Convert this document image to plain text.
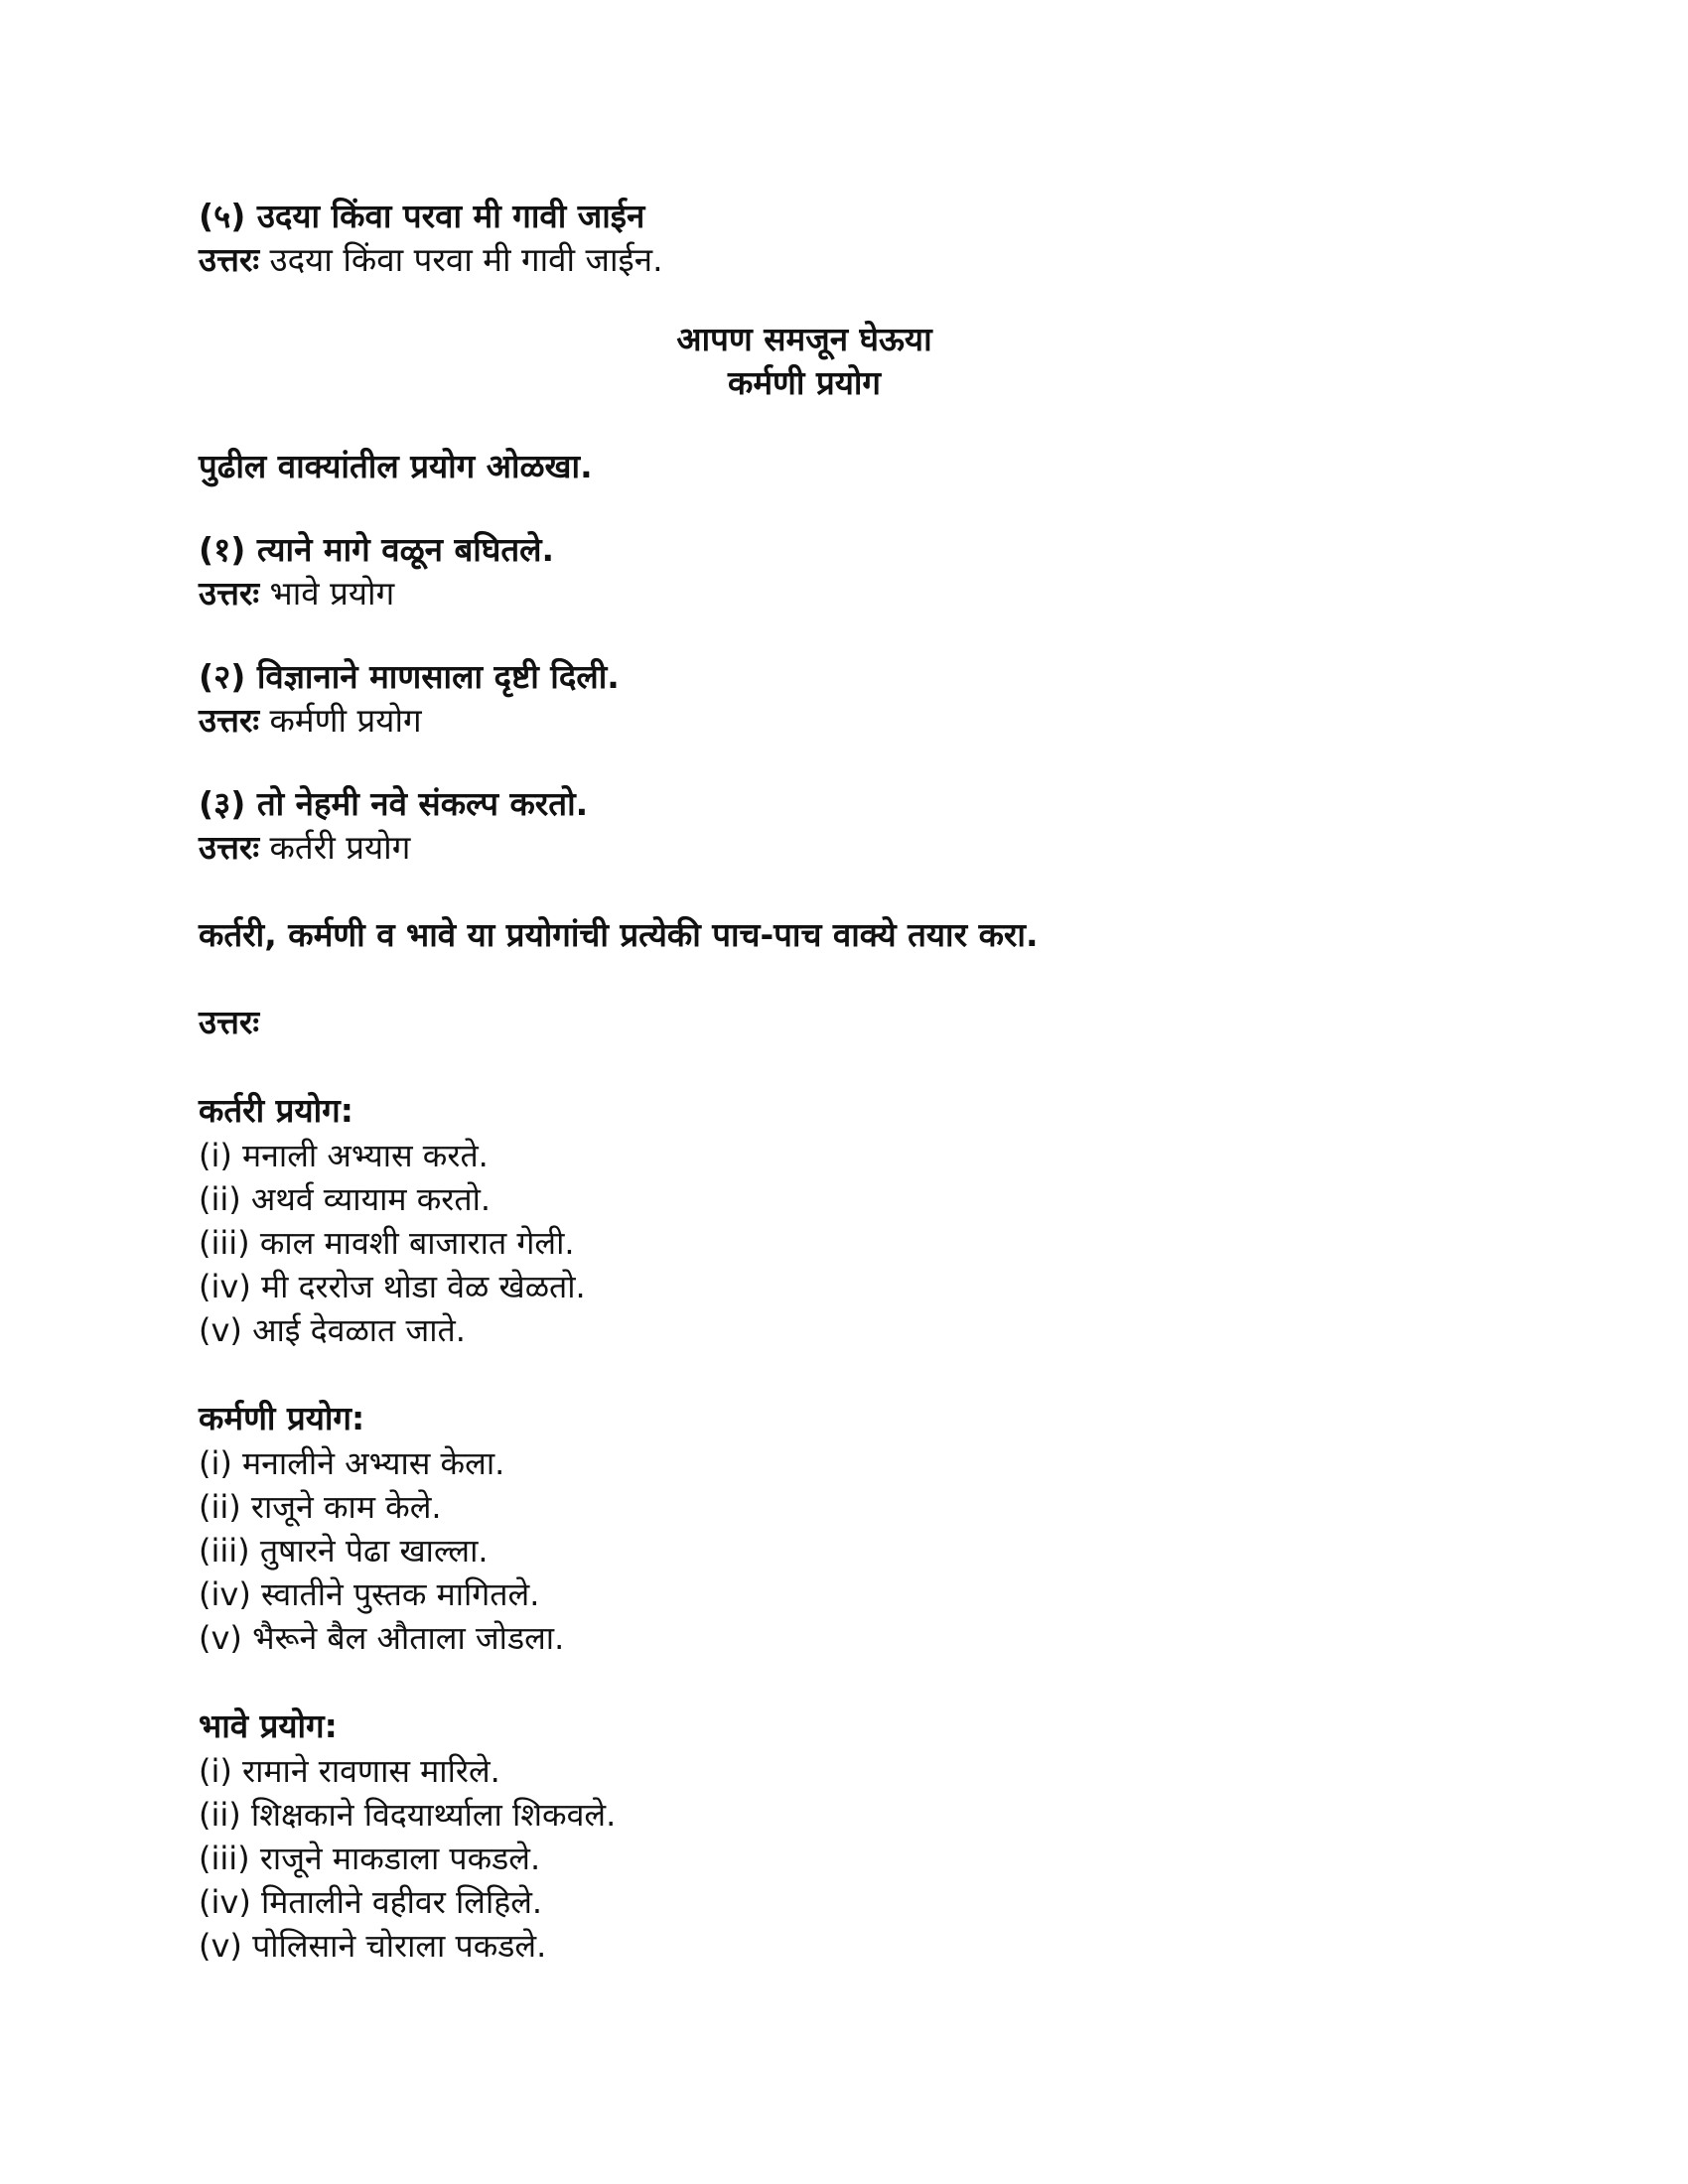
(५) उदया किंवा परवा मी गावी जाईन
उत्तरः उदया किंवा परवा मी गावी जाईन.
आपण समजून घेऊया
कर्मणी प्रयोग
पुढील वाक्यांतील प्रयोग ओळखा.
(१) त्याने मागे वळून बघितले.
उत्तरः भावे प्रयोग
(२) विज्ञानाने माणसाला दृष्टी दिली.
उत्तरः कर्मणी प्रयोग
(३) तो नेहमी नवे संकल्प करतो.
उत्तरः कर्तरी प्रयोग
कर्तरी, कर्मणी व भावे या प्रयोगांची प्रत्येकी पाच-पाच वाक्ये तयार करा.
उत्तरः
कर्तरी प्रयोग:
(i) मनाली अभ्यास करते.
(ii) अथर्व व्यायाम करतो.
(iii) काल मावशी बाजारात गेली.
(iv) मी दररोज थोडा वेळ खेळतो.
(v) आई देवळात जाते.
कर्मणी प्रयोग:
(i) मनालीने अभ्यास केला.
(ii) राजूने काम केले.
(iii) तुषारने पेढा खाल्ला.
(iv) स्वातीने पुस्तक मागितले.
(v) भैरूने बैल औताला जोडला.
भावे प्रयोग:
(i) रामाने रावणास मारिले.
(ii) शिक्षकाने विदयार्थ्याला शिकवले.
(iii) राजूने माकडाला पकडले.
(iv) मितालीने वहीवर लिहिले.
(v) पोलिसाने चोराला पकडले.
